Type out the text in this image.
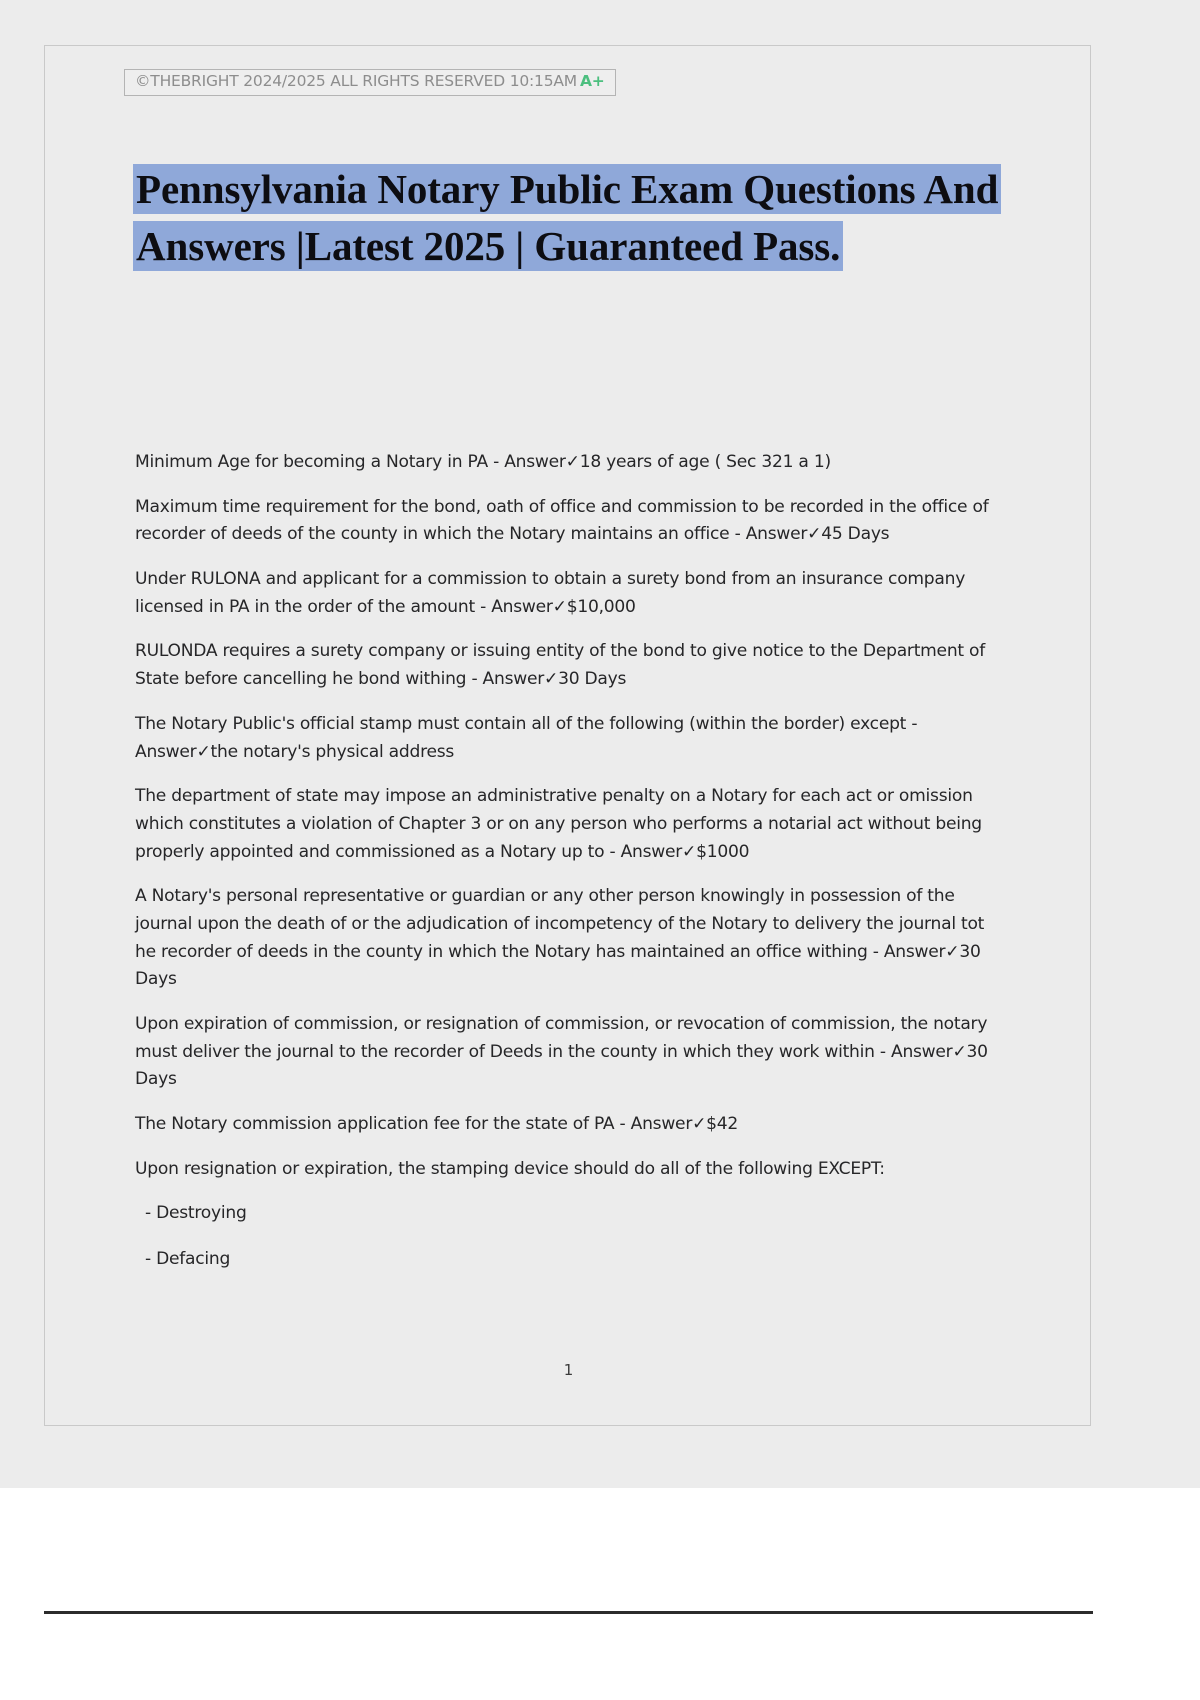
©THEBRIGHT 2024/2025 ALL RIGHTS RESERVED 10:15AM A+
Pennsylvania Notary Public Exam Questions And Answers |Latest 2025 | Guaranteed Pass.

Minimum Age for becoming a Notary in PA - Answer✓18 years of age ( Sec 321 a 1)

Maximum time requirement for the bond, oath of office and commission to be recorded in the office of recorder of deeds of the county in which the Notary maintains an office - Answer✓45 Days

Under RULONA and applicant for a commission to obtain a surety bond from an insurance company licensed in PA in the order of the amount - Answer✓$10,000

RULONDA requires a surety company or issuing entity of the bond to give notice to the Department of State before cancelling he bond withing - Answer✓30 Days

The Notary Public's official stamp must contain all of the following (within the border) except - Answer✓the notary's physical address

The department of state may impose an administrative penalty on a Notary for each act or omission which constitutes a violation of Chapter 3 or on any person who performs a notarial act without being properly appointed and commissioned as a Notary up to - Answer✓$1000

A Notary's personal representative or guardian or any other person knowingly in possession of the journal upon the death of or the adjudication of incompetency of the Notary to delivery the journal tot he recorder of deeds in the county in which the Notary has maintained an office withing - Answer✓30 Days

Upon expiration of commission, or resignation of commission, or revocation of commission, the notary must deliver the journal to the recorder of Deeds in the county in which they work within - Answer✓30 Days

The Notary commission application fee for the state of PA - Answer✓$42

Upon resignation or expiration, the stamping device should do all of the following EXCEPT:

- Destroying

- Defacing

1
